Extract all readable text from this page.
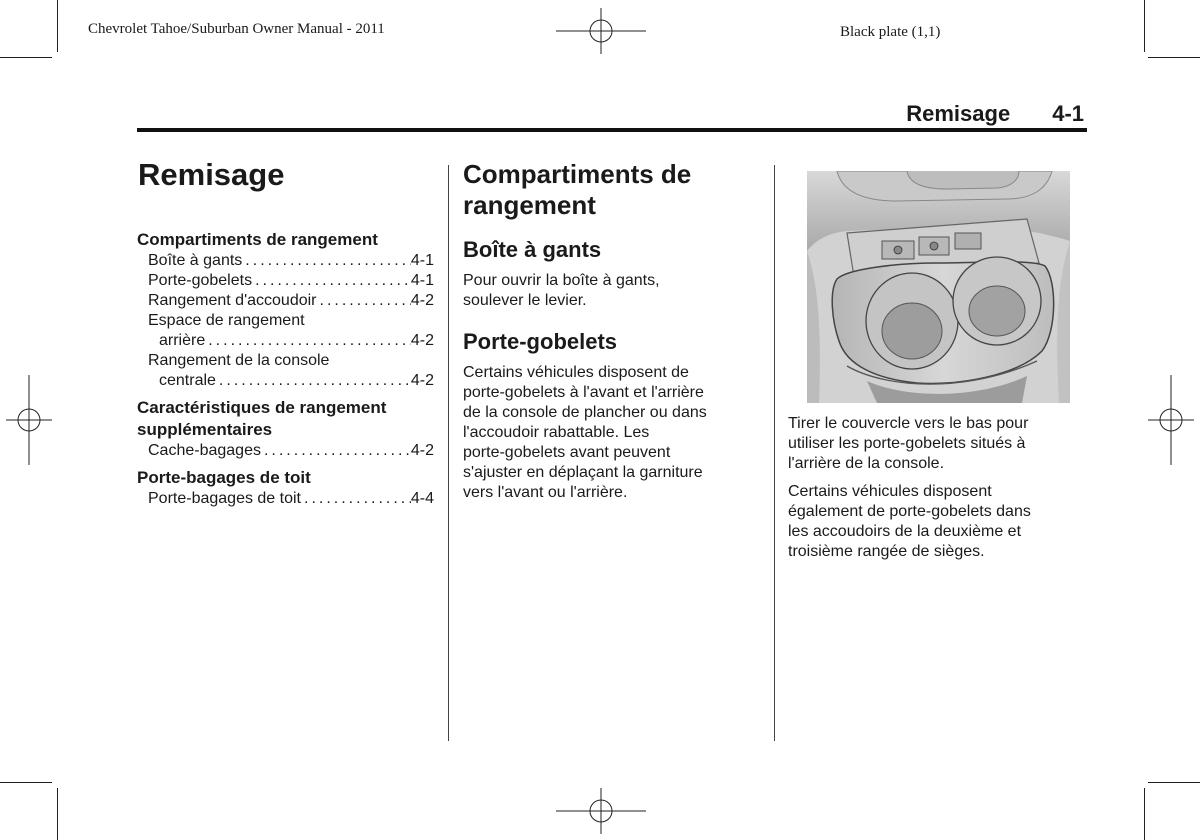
Chevrolet Tahoe/Suburban Owner Manual - 2011	Black plate (1,1)
Remisage 4-1
Remisage
Compartiments de rangement
Boîte à gants .....	4-1
Porte-gobelets .....	4-1
Rangement d'accoudoir .....	4-2
Espace de rangement
arrière .....	4-2
Rangement de la console
centrale .....	4-2
Caractéristiques de rangement
supplémentaires
Cache-bagages .....	4-2
Porte-bagages de toit
Porte-bagages de toit .....	4-4
Compartiments de
rangement
Boîte à gants

Pour ouvrir la boîte à gants,
soulever le levier.

Porte-gobelets

Certains véhicules disposent de
porte-gobelets à l'avant et l'arrière
de la console de plancher ou dans
l'accoudoir rabattable. Les
porte-gobelets avant peuvent
s'ajuster en déplaçant la garniture
vers l'avant ou l'arrière.

Tirer le couvercle vers le bas pour
utiliser les porte-gobelets situés à
l'arrière de la console.

Certains véhicules disposent
également de porte-gobelets dans
les accoudoirs de la deuxième et
troisième rangée de sièges.
